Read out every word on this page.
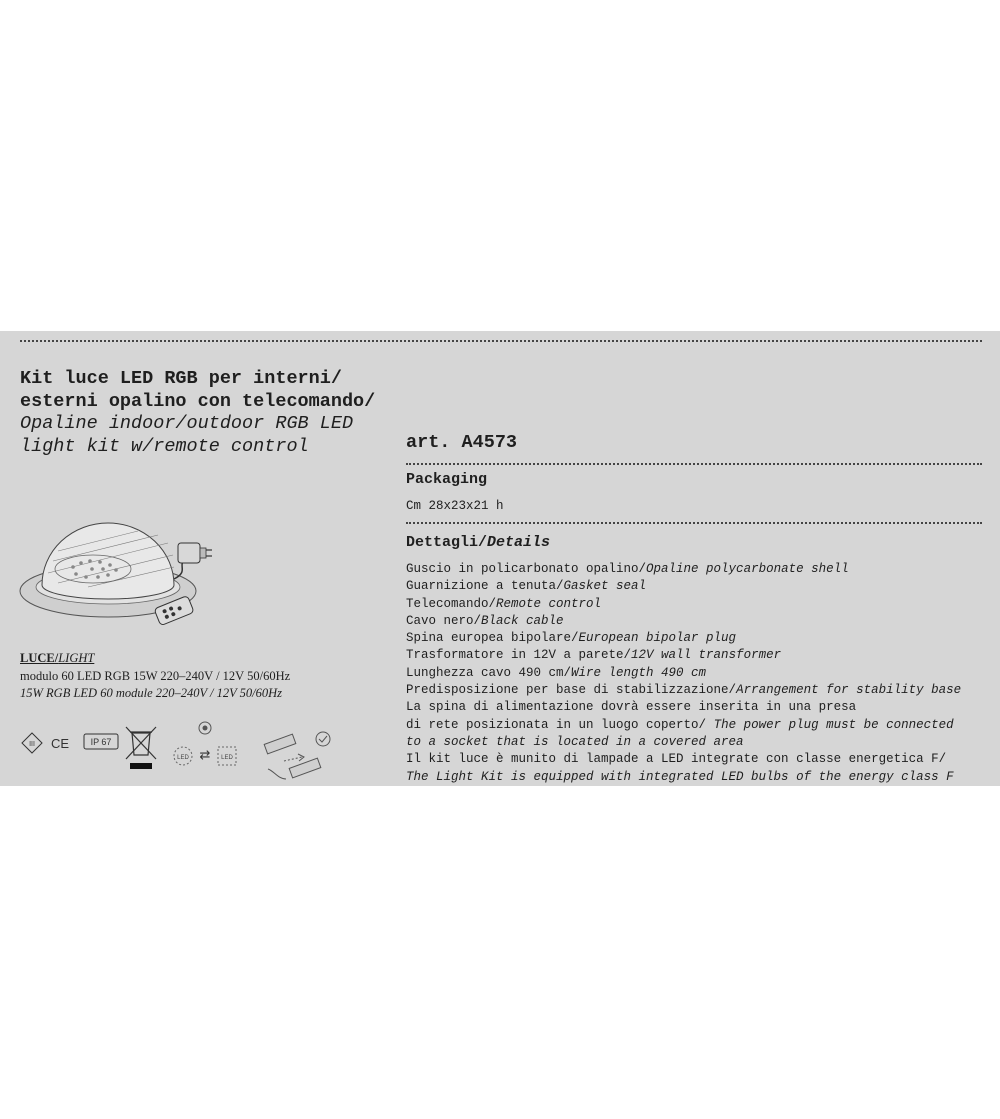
Kit luce LED RGB per interni/
esterni opalino con telecomando/
Opaline indoor/outdoor RGB LED
light kit w/remote control	art. A4573
Packaging
Cm 28x23x21 h
Dettagli/Details
Guscio in policarbonato opalino/Opaline polycarbonate shell
Guarnizione a tenuta/Gasket seal
Telecomando/Remote control
Cavo nero/Black cable
Spina europea bipolare/European bipolar plug
Trasformatore in 12V a parete/12V wall transformer
Lunghezza cavo 490 cm/Wire length 490 cm
Predisposizione per base di stabilizzazione/Arrangement for stability base
La spina di alimentazione dovrà essere inserita in una presa
di rete posizionata in un luogo coperto/ The power plug must be connected
to a socket that is located in a covered area
Il kit luce è munito di lampade a LED integrate con classe energetica F/
The Light Kit is equipped with integrated LED bulbs of the energy class F
LUCE/LIGHT
modulo 60 LED RGB 15W 220–240V / 12V 50/60Hz
15W RGB LED 60 module 220–240V / 12V 50/60Hz
III CE IP 67
LED ⇄ LED
